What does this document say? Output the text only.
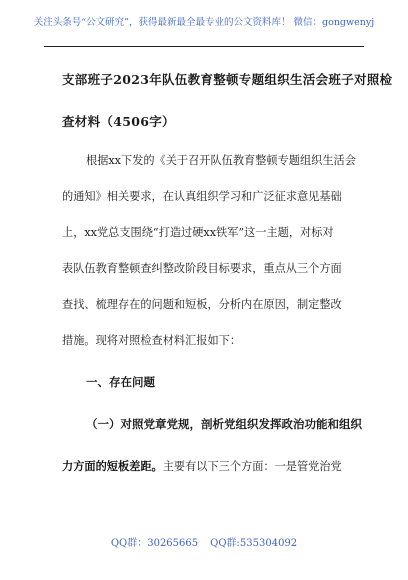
关注头条号“公文研究”，获得最新最全最专业的公文资料库！ 微信：gongwenyj
支部班子2023年队伍教育整顿专题组织生活会班子对照检
查材料（4506字）
根据xx下发的《关于召开队伍教育整顿专题组织生活会
的通知》相关要求，在认真组织学习和广泛征求意见基础
上，xx党总支围绕“打造过硬xx铁军”这一主题，对标对
表队伍教育整顿查纠整改阶段目标要求，重点从三个方面
查找、梳理存在的问题和短板，分析内在原因，制定整改
措施。现将对照检查材料汇报如下：
一、存在问题
（一）对照党章党规，剖析党组织发挥政治功能和组织
力方面的短板差距。主要有以下三个方面：一是管党治党
QQ群：30265665 QQ群:535304092
